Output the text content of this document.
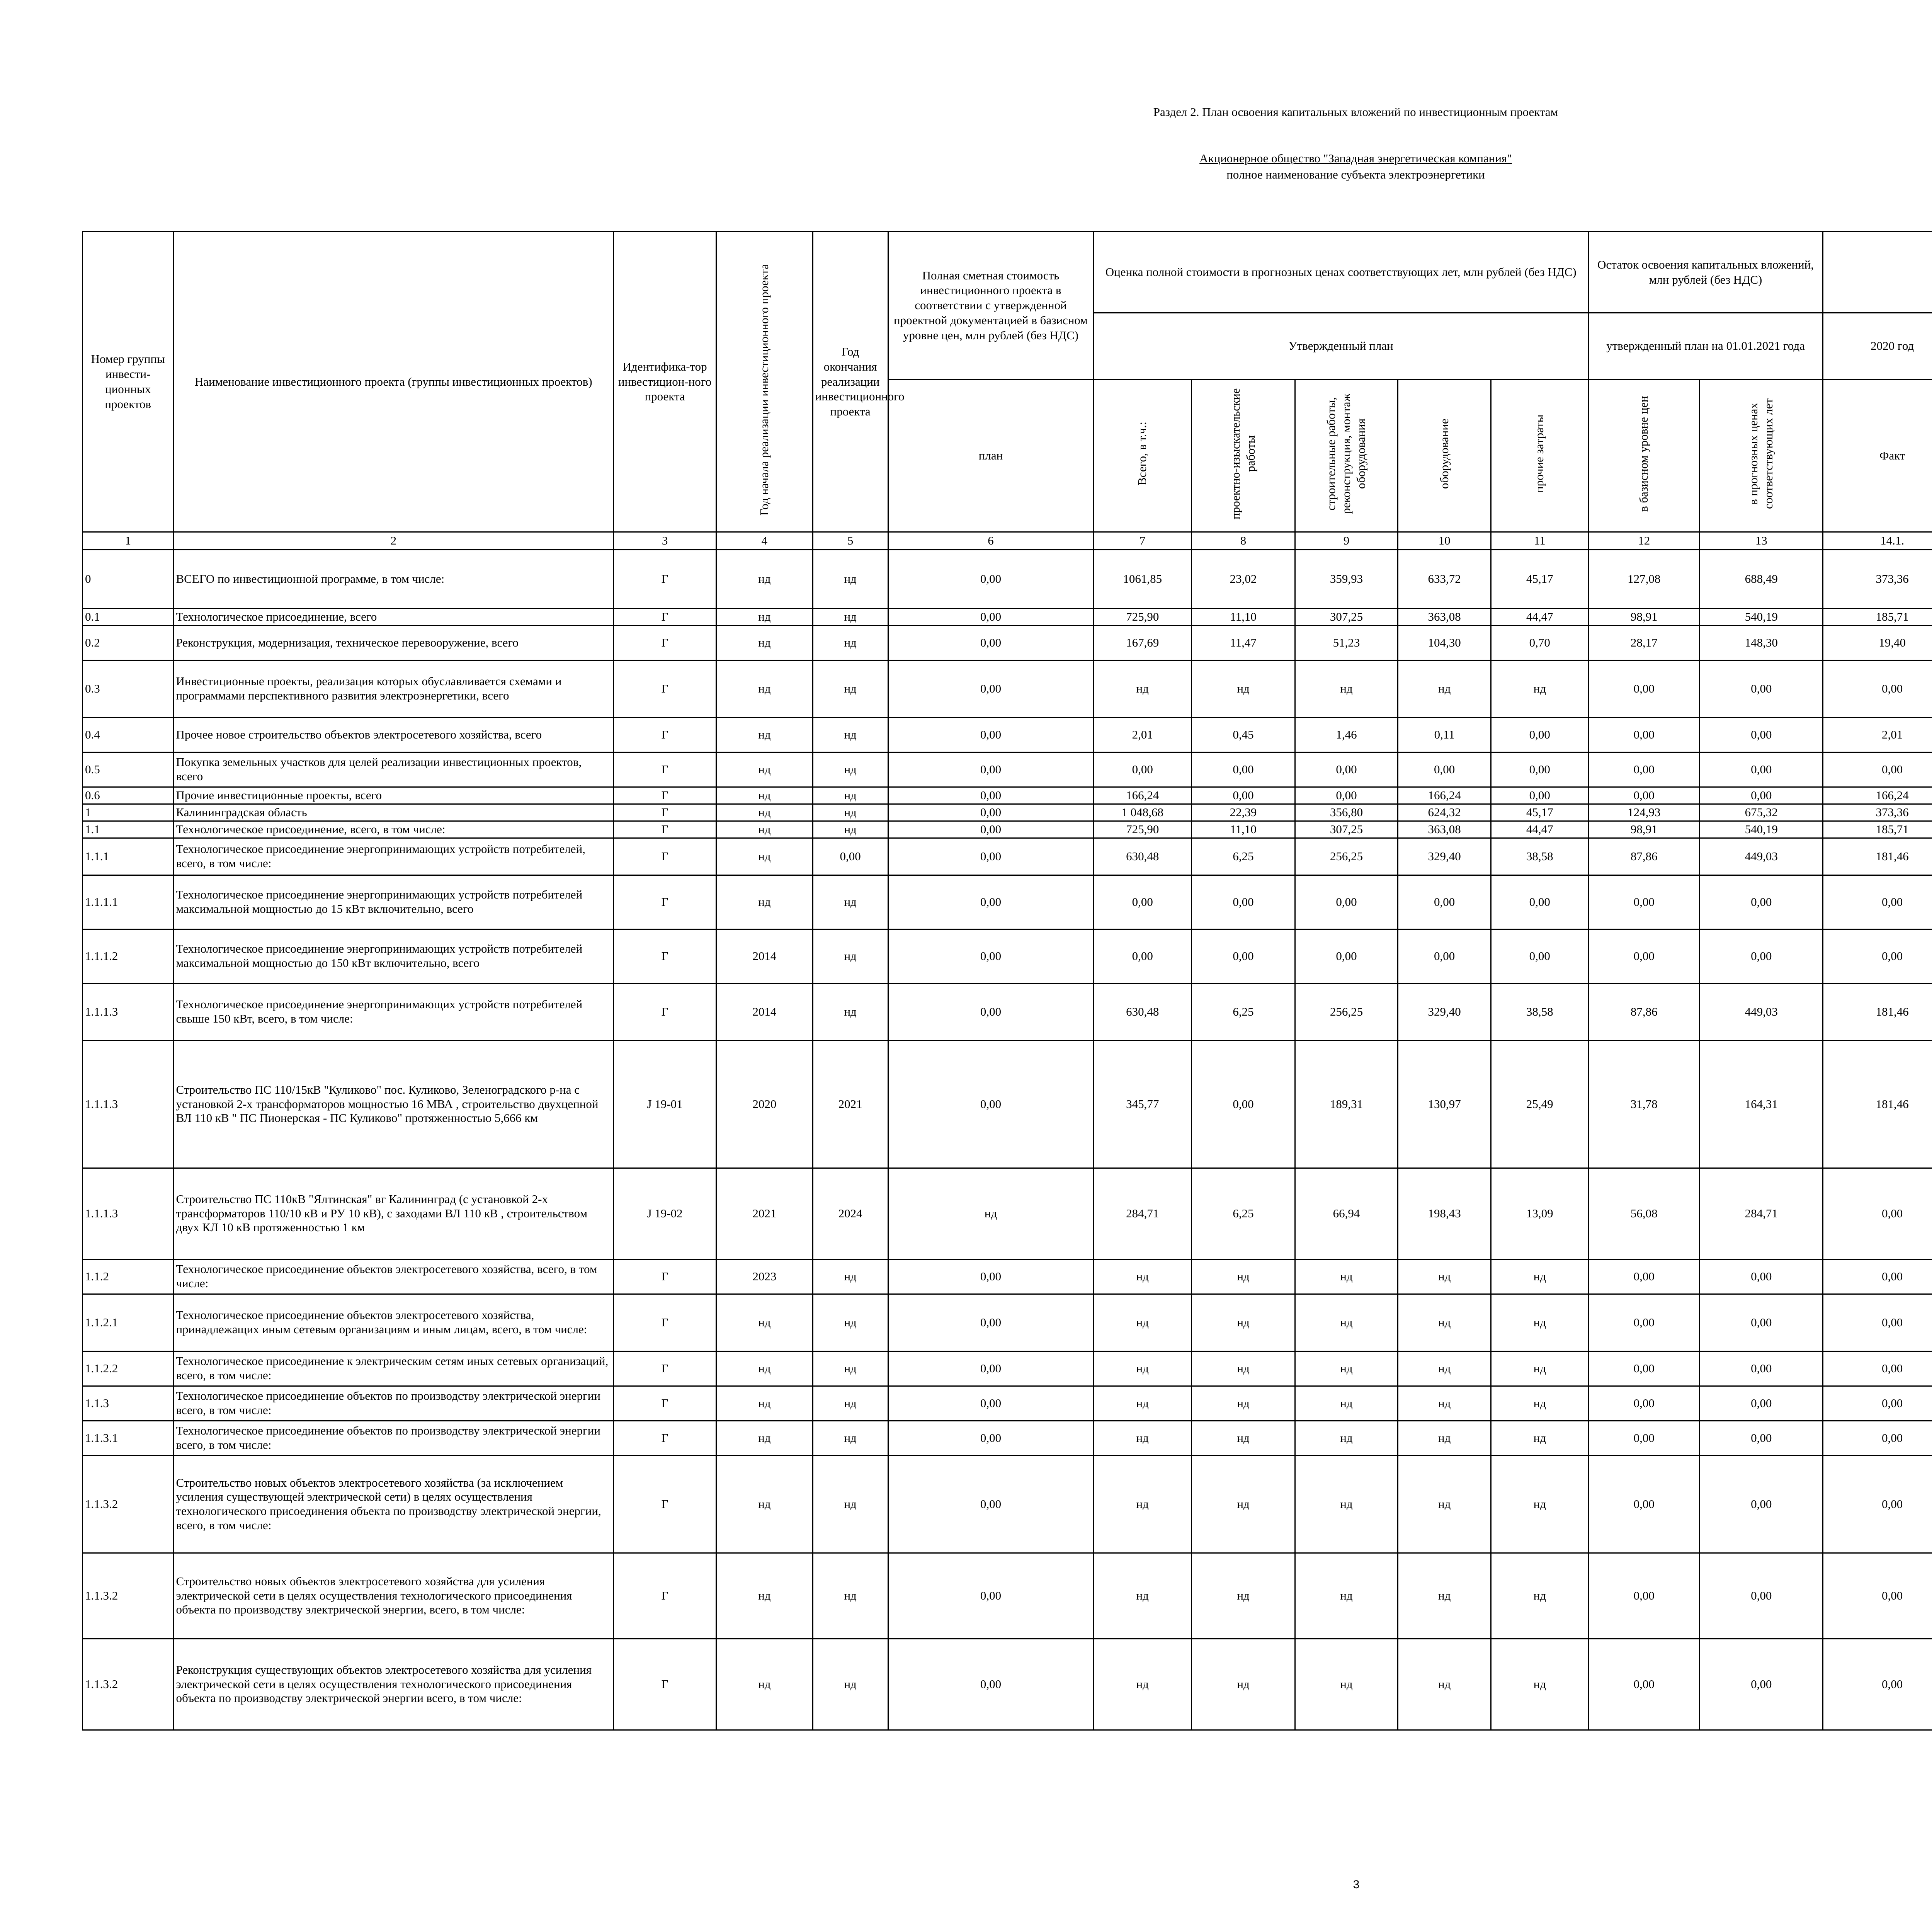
Раздел 2. План освоения капитальных вложений по инвестиционным проектам
Акционерное общество "Западная энергетическая компания"
полное наименование субъекта электроэнергетики
Номер группы инвести-ционных проектов	Наименование инвестиционного проекта (группы инвестиционных проектов)	Идентифика-тор инвестицион-ного проекта	Год начала реализации инвестиционного проекта	Год окончания реализации инвестиционного проекта	Полная сметная стоимость инвестиционного проекта в соответствии с утвержденной проектной документацией в базисном уровне цен, млн рублей (без НДС)	Оценка полной стоимости в прогнозных ценах соответствующих лет, млн рублей (без НДС)					Остаток освоения капитальных вложений, млн рублей (без НДС)	
						Утвержденный план					утвержденный план на 01.01.2021 года		2020 год					
					план	Всего, в т.ч.:	проектно-изыскательские работы	строительные работы, реконструкция, монтаж оборудования	оборудование	прочие затраты	в базисном уровне цен	в прогнозных ценах соответствующих лет	Факт				
1	2	3	4	5	6	7	8	9	10	11	12	13	14.1.					
0	ВСЕГО по инвестиционной программе, в том числе:	Г	нд	нд	0,00	1061,85	23,02	359,93	633,72	45,17	127,08	688,49	373,36					
0.1	Технологическое присоединение, всего	Г	нд	нд	0,00	725,90	11,10	307,25	363,08	44,47	98,91	540,19	185,71					
0.2	Реконструкция, модернизация, техническое перевооружение, всего	Г	нд	нд	0,00	167,69	11,47	51,23	104,30	0,70	28,17	148,30	19,40					
0.3	Инвестиционные проекты, реализация которых обуславливается схемами и программами перспективного развития электроэнергетики, всего	Г	нд	нд	0,00	нд	нд	нд	нд	нд	0,00	0,00	0,00					
0.4	Прочее новое строительство объектов электросетевого хозяйства, всего	Г	нд	нд	0,00	2,01	0,45	1,46	0,11	0,00	0,00	0,00	2,01					
0.5	Покупка земельных участков для целей реализации инвестиционных проектов, всего	Г	нд	нд	0,00	0,00	0,00	0,00	0,00	0,00	0,00	0,00	0,00					
0.6	Прочие инвестиционные проекты, всего	Г	нд	нд	0,00	166,24	0,00	0,00	166,24	0,00	0,00	0,00	166,24					
1	Калининградская область	Г	нд	нд	0,00	1 048,68	22,39	356,80	624,32	45,17	124,93	675,32	373,36					
1.1	Технологическое присоединение, всего, в том числе:	Г	нд	нд	0,00	725,90	11,10	307,25	363,08	44,47	98,91	540,19	185,71					
1.1.1	Технологическое присоединение энергопринимающих устройств потребителей, всего, в том числе:	Г	нд	0,00	0,00	630,48	6,25	256,25	329,40	38,58	87,86	449,03	181,46					
1.1.1.1	Технологическое присоединение энергопринимающих устройств потребителей максимальной мощностью до 15 кВт включительно, всего	Г	нд	нд	0,00	0,00	0,00	0,00	0,00	0,00	0,00	0,00	0,00					
1.1.1.2	Технологическое присоединение энергопринимающих устройств потребителей максимальной мощностью до 150 кВт включительно, всего	Г	2014	нд	0,00	0,00	0,00	0,00	0,00	0,00	0,00	0,00	0,00					
1.1.1.3	Технологическое присоединение энергопринимающих устройств потребителей свыше 150 кВт, всего, в том числе:	Г	2014	нд	0,00	630,48	6,25	256,25	329,40	38,58	87,86	449,03	181,46					
1.1.1.3	Строительство ПС 110/15кВ "Куликово" пос. Куликово, Зеленоградского р-на с установкой 2-х трансформаторов мощностью 16 МВА , строительство двухцепной ВЛ 110 кВ " ПС Пионерская - ПС Куликово" протяженностью 5,666 км	J 19-01	2020	2021	0,00	345,77	0,00	189,31	130,97	25,49	31,78	164,31	181,46					
1.1.1.3	Строительство ПС 110кВ "Ялтинская" вг Калининград (с установкой 2-х трансформаторов 110/10 кВ и РУ 10 кВ), с заходами ВЛ 110 кВ , строительством двух КЛ 10 кВ протяженностью 1 км	J 19-02	2021	2024	нд	284,71	6,25	66,94	198,43	13,09	56,08	284,71	0,00					
1.1.2	Технологическое присоединение объектов электросетевого хозяйства, всего, в том числе:	Г	2023	нд	0,00	нд	нд	нд	нд	нд	0,00	0,00	0,00					
1.1.2.1	Технологическое присоединение объектов электросетевого хозяйства, принадлежащих иным сетевым организациям и иным лицам, всего, в том числе:	Г	нд	нд	0,00	нд	нд	нд	нд	нд	0,00	0,00	0,00					
1.1.2.2	Технологическое присоединение к электрическим сетям иных сетевых организаций, всего, в том числе:	Г	нд	нд	0,00	нд	нд	нд	нд	нд	0,00	0,00	0,00					
1.1.3	Технологическое присоединение объектов по производству электрической энергии всего, в том числе:	Г	нд	нд	0,00	нд	нд	нд	нд	нд	0,00	0,00	0,00					
1.1.3.1	Технологическое присоединение объектов по производству электрической энергии всего, в том числе:	Г	нд	нд	0,00	нд	нд	нд	нд	нд	0,00	0,00	0,00					
1.1.3.2	Строительство новых объектов электросетевого хозяйства (за исключением усиления существующей электрической сети) в целях осуществления технологического присоединения объекта по производству электрической энергии, всего, в том числе:	Г	нд	нд	0,00	нд	нд	нд	нд	нд	0,00	0,00	0,00					
1.1.3.2	Строительство новых объектов электросетевого хозяйства для усиления электрической сети в целях осуществления технологического присоединения объекта по производству электрической энергии, всего, в том числе:	Г	нд	нд	0,00	нд	нд	нд	нд	нд	0,00	0,00	0,00					
1.1.3.2	Реконструкция существующих объектов электросетевого хозяйства для усиления электрической сети в целях осуществления технологического присоединения объекта по производству электрической энергии всего, в том числе:	Г	нд	нд	0,00	нд	нд	нд	нд	нд	0,00	0,00	0,00					
3
